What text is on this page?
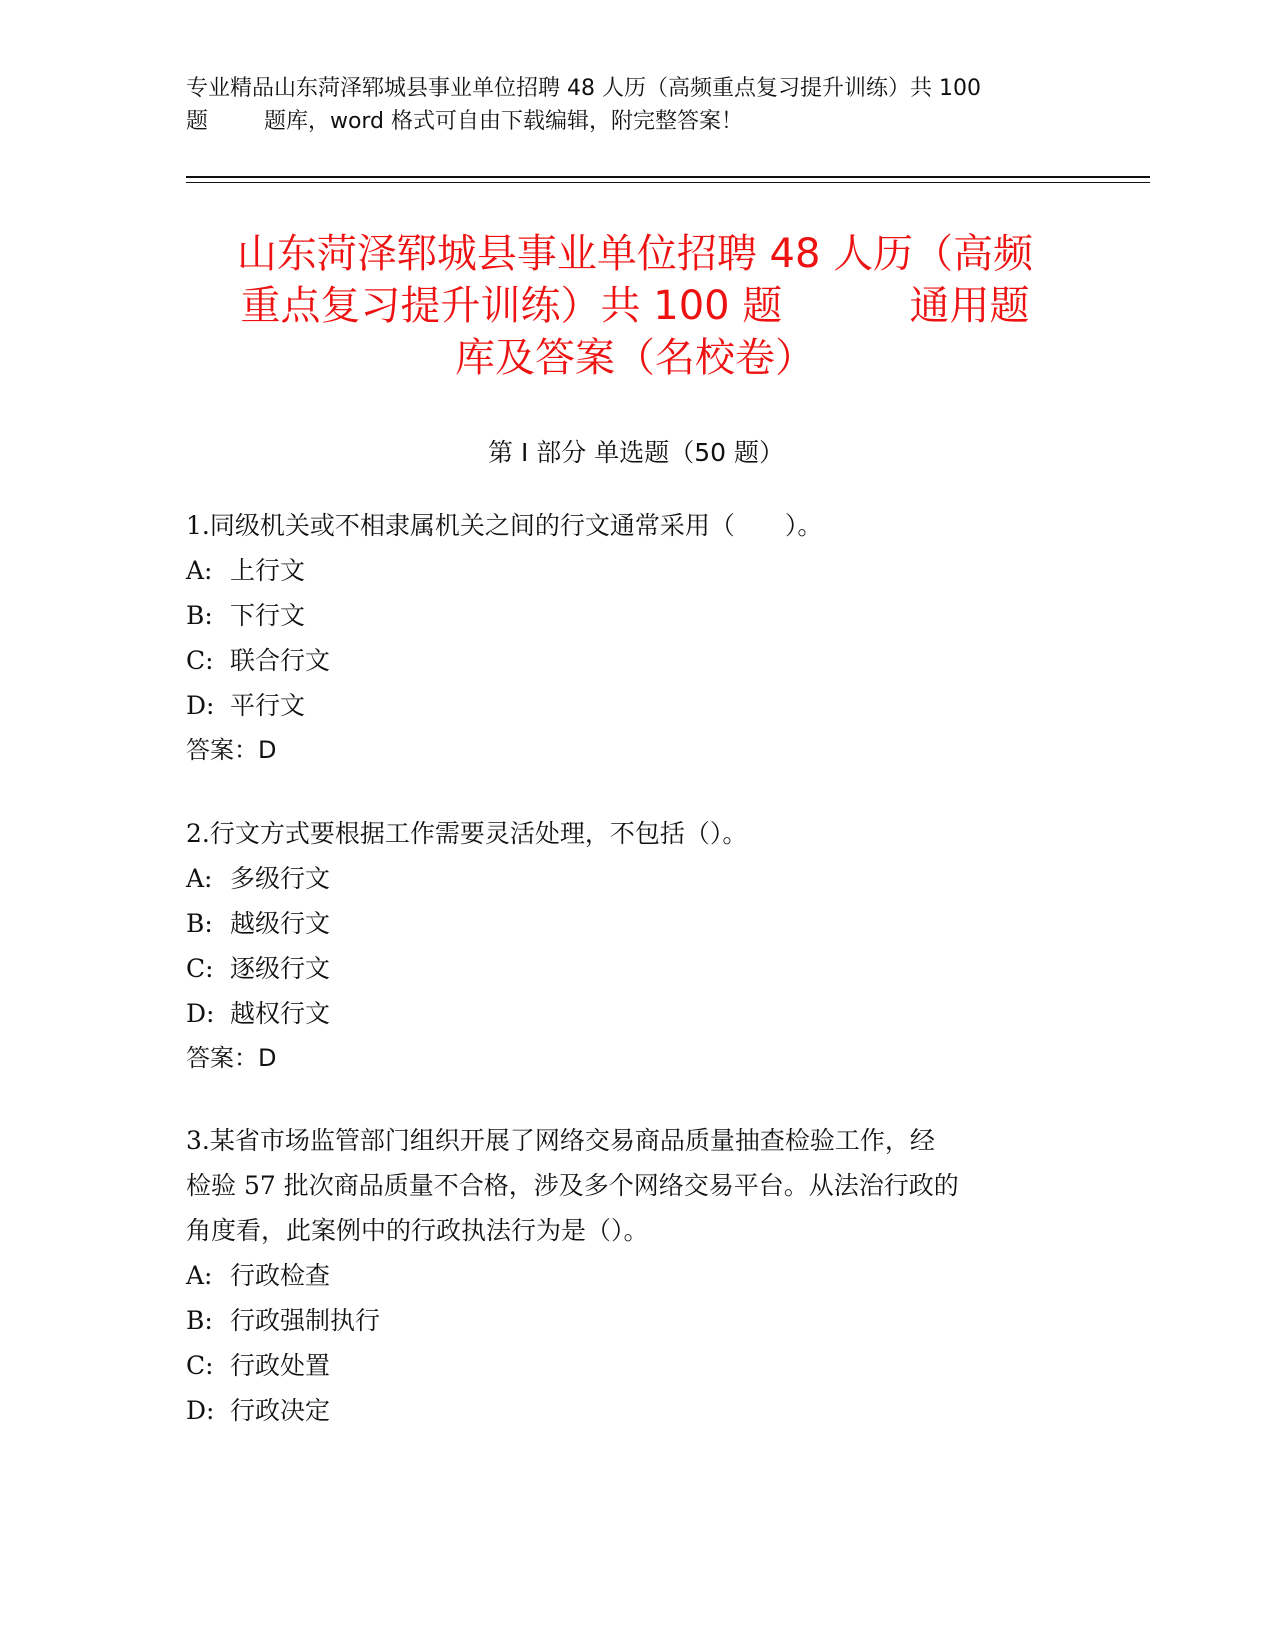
专业精品山东菏泽郓城县事业单位招聘 48 人历（高频重点复习提升训练）共 100
题        题库，word 格式可自由下载编辑，附完整答案！
山东菏泽郓城县事业单位招聘 48 人历（高频
重点复习提升训练）共 100 题          通用题
库及答案（名校卷）
第 I 部分 单选题（50 题）
1.同级机关或不相隶属机关之间的行文通常采用（　　）。
A: 上行文
B: 下行文
C: 联合行文
D: 平行文
答案：D
2.行文方式要根据工作需要灵活处理，不包括（）。
A: 多级行文
B: 越级行文
C: 逐级行文
D: 越权行文
答案：D
3.某省市场监管部门组织开展了网络交易商品质量抽查检验工作，经
检验 57 批次商品质量不合格，涉及多个网络交易平台。从法治行政的
角度看，此案例中的行政执法行为是（）。
A: 行政检查
B: 行政强制执行
C: 行政处置
D: 行政决定
